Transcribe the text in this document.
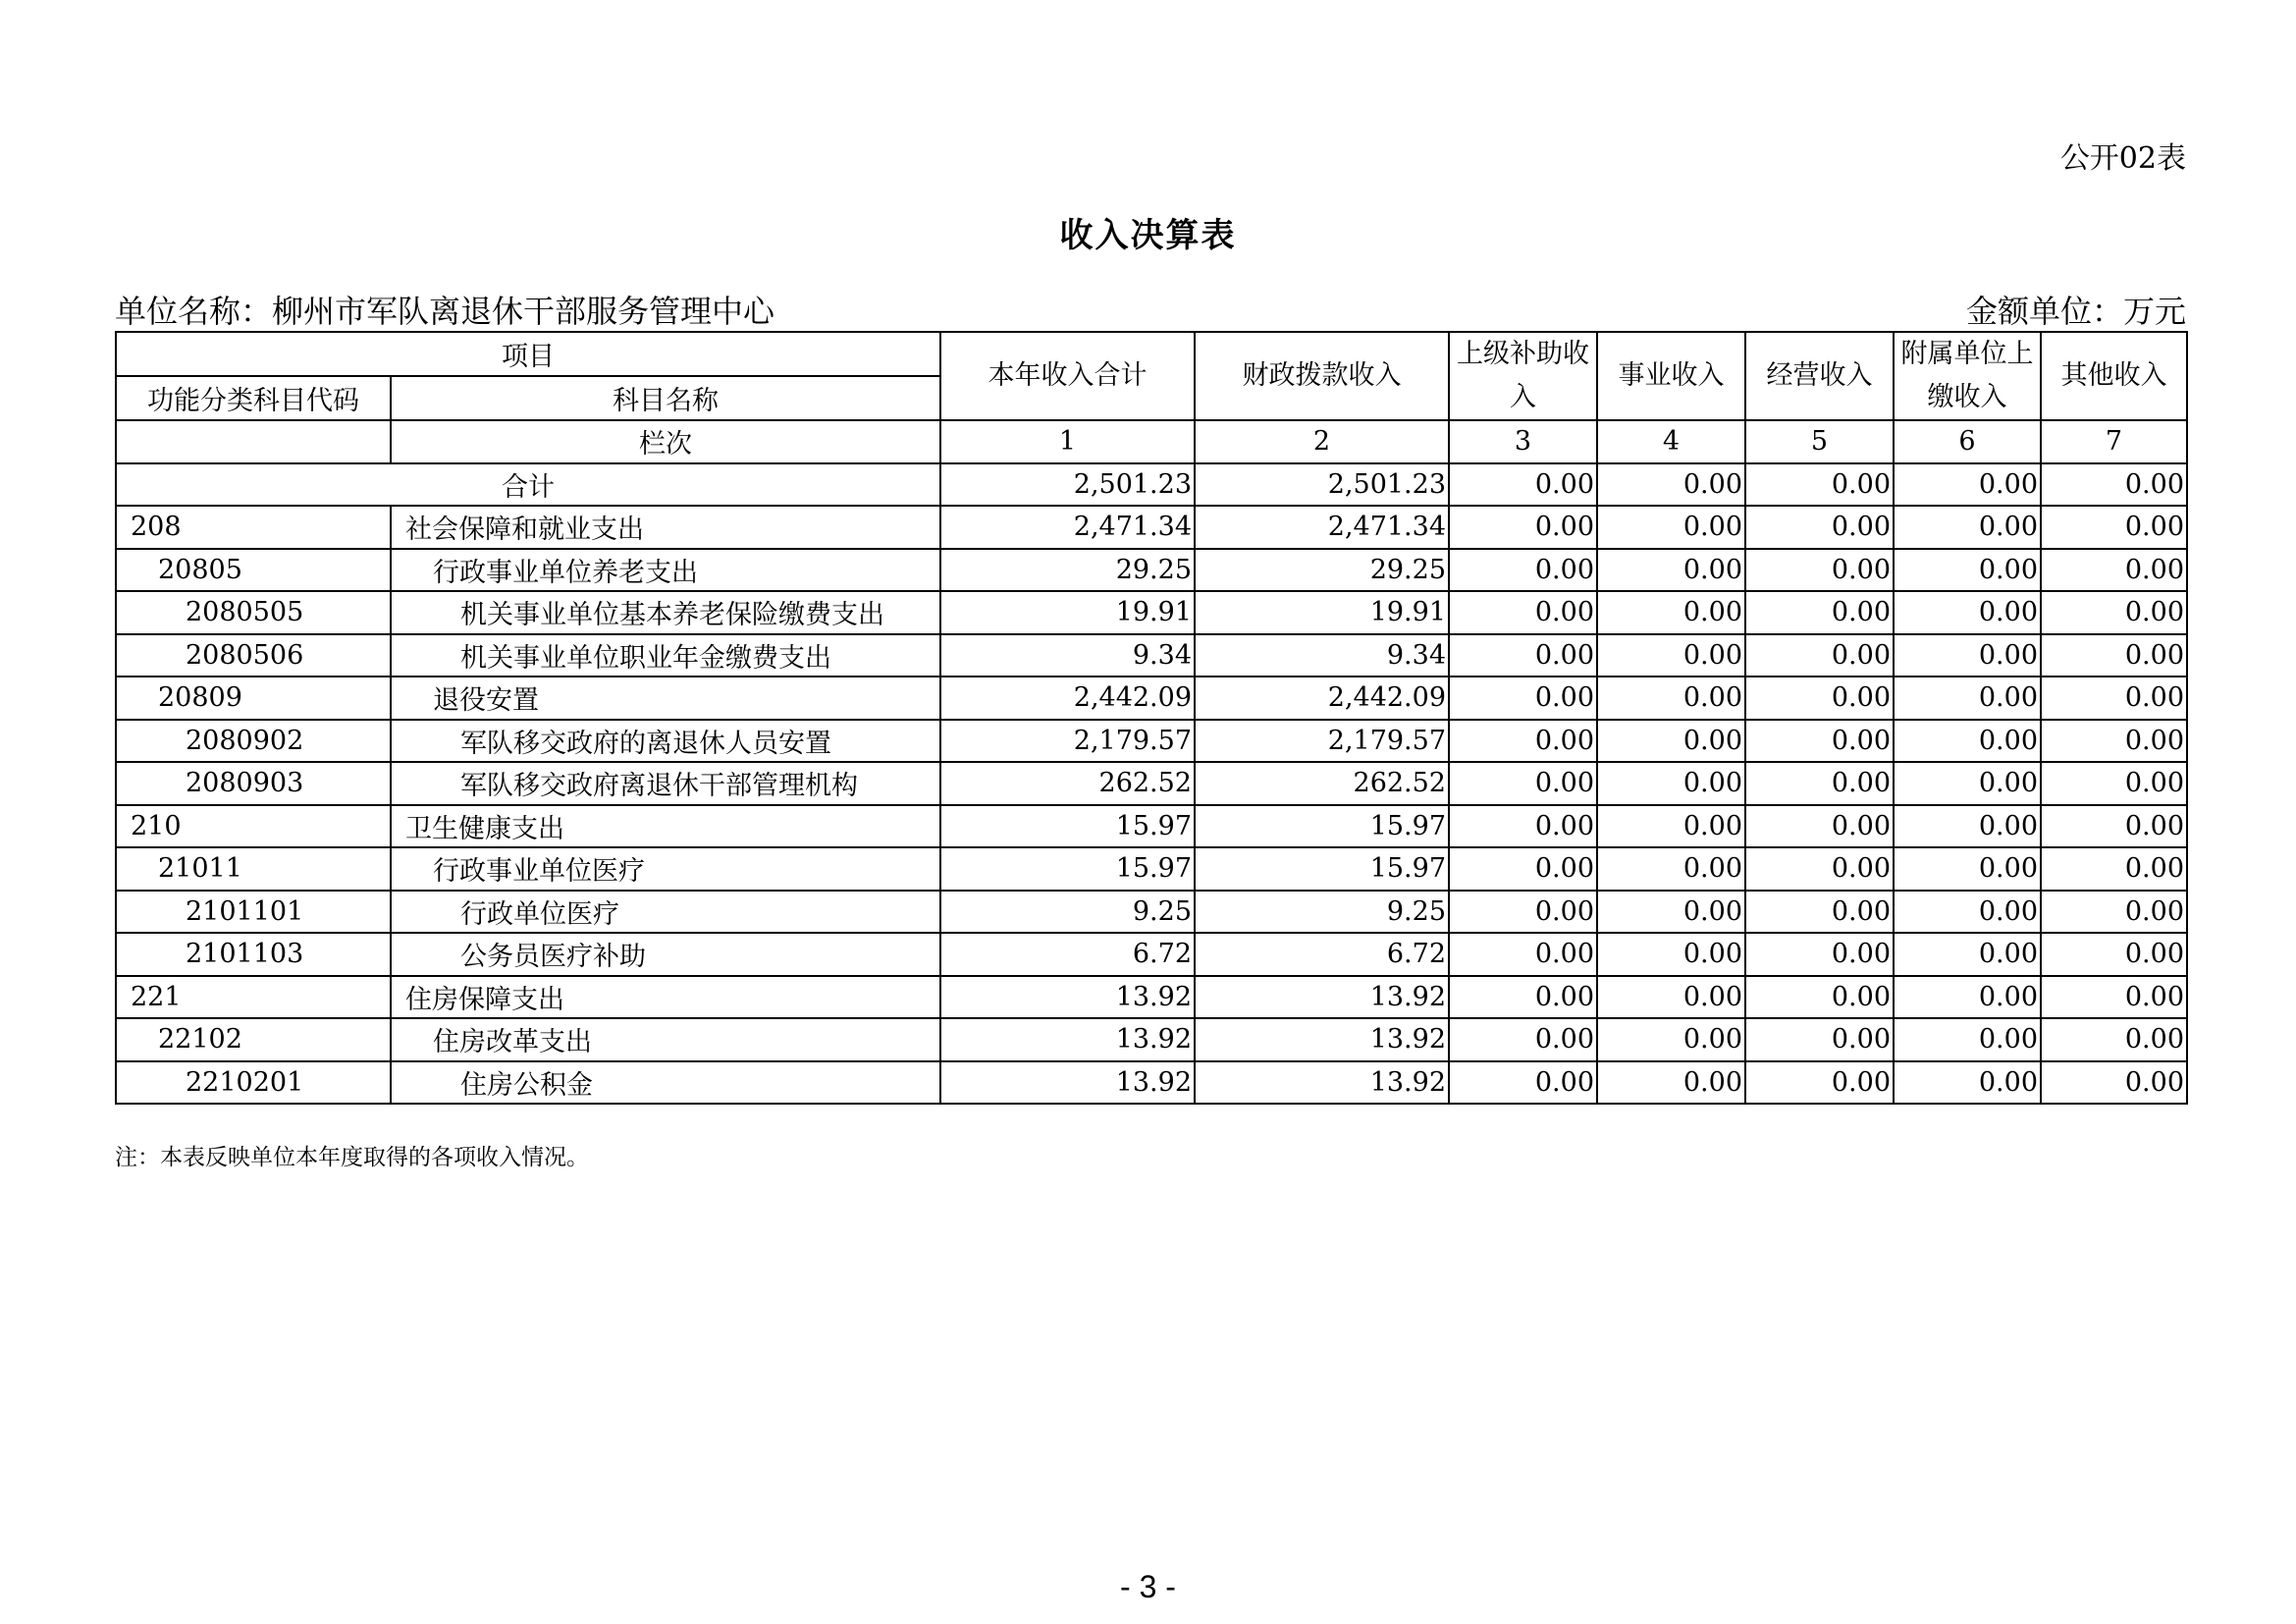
公开02表
收入决算表
单位名称：柳州市军队离退休干部服务管理中心	金额单位：万元
项目		本年收入合计	财政拨款收入	上级补助收入	事业收入	经营收入	附属单位上缴收入	其他收入
功能分类科目代码	科目名称							
	栏次	1	2	3	4	5	6	7
合计		2,501.23	2,501.23	0.00	0.00	0.00	0.00	0.00
208	社会保障和就业支出	2,471.34	2,471.34	0.00	0.00	0.00	0.00	0.00
20805	行政事业单位养老支出	29.25	29.25	0.00	0.00	0.00	0.00	0.00
2080505	机关事业单位基本养老保险缴费支出	19.91	19.91	0.00	0.00	0.00	0.00	0.00
2080506	机关事业单位职业年金缴费支出	9.34	9.34	0.00	0.00	0.00	0.00	0.00
20809	退役安置	2,442.09	2,442.09	0.00	0.00	0.00	0.00	0.00
2080902	军队移交政府的离退休人员安置	2,179.57	2,179.57	0.00	0.00	0.00	0.00	0.00
2080903	军队移交政府离退休干部管理机构	262.52	262.52	0.00	0.00	0.00	0.00	0.00
210	卫生健康支出	15.97	15.97	0.00	0.00	0.00	0.00	0.00
21011	行政事业单位医疗	15.97	15.97	0.00	0.00	0.00	0.00	0.00
2101101	行政单位医疗	9.25	9.25	0.00	0.00	0.00	0.00	0.00
2101103	公务员医疗补助	6.72	6.72	0.00	0.00	0.00	0.00	0.00
221	住房保障支出	13.92	13.92	0.00	0.00	0.00	0.00	0.00
22102	住房改革支出	13.92	13.92	0.00	0.00	0.00	0.00	0.00
2210201	住房公积金	13.92	13.92	0.00	0.00	0.00	0.00	0.00
注：本表反映单位本年度取得的各项收入情况。
- 3 -
